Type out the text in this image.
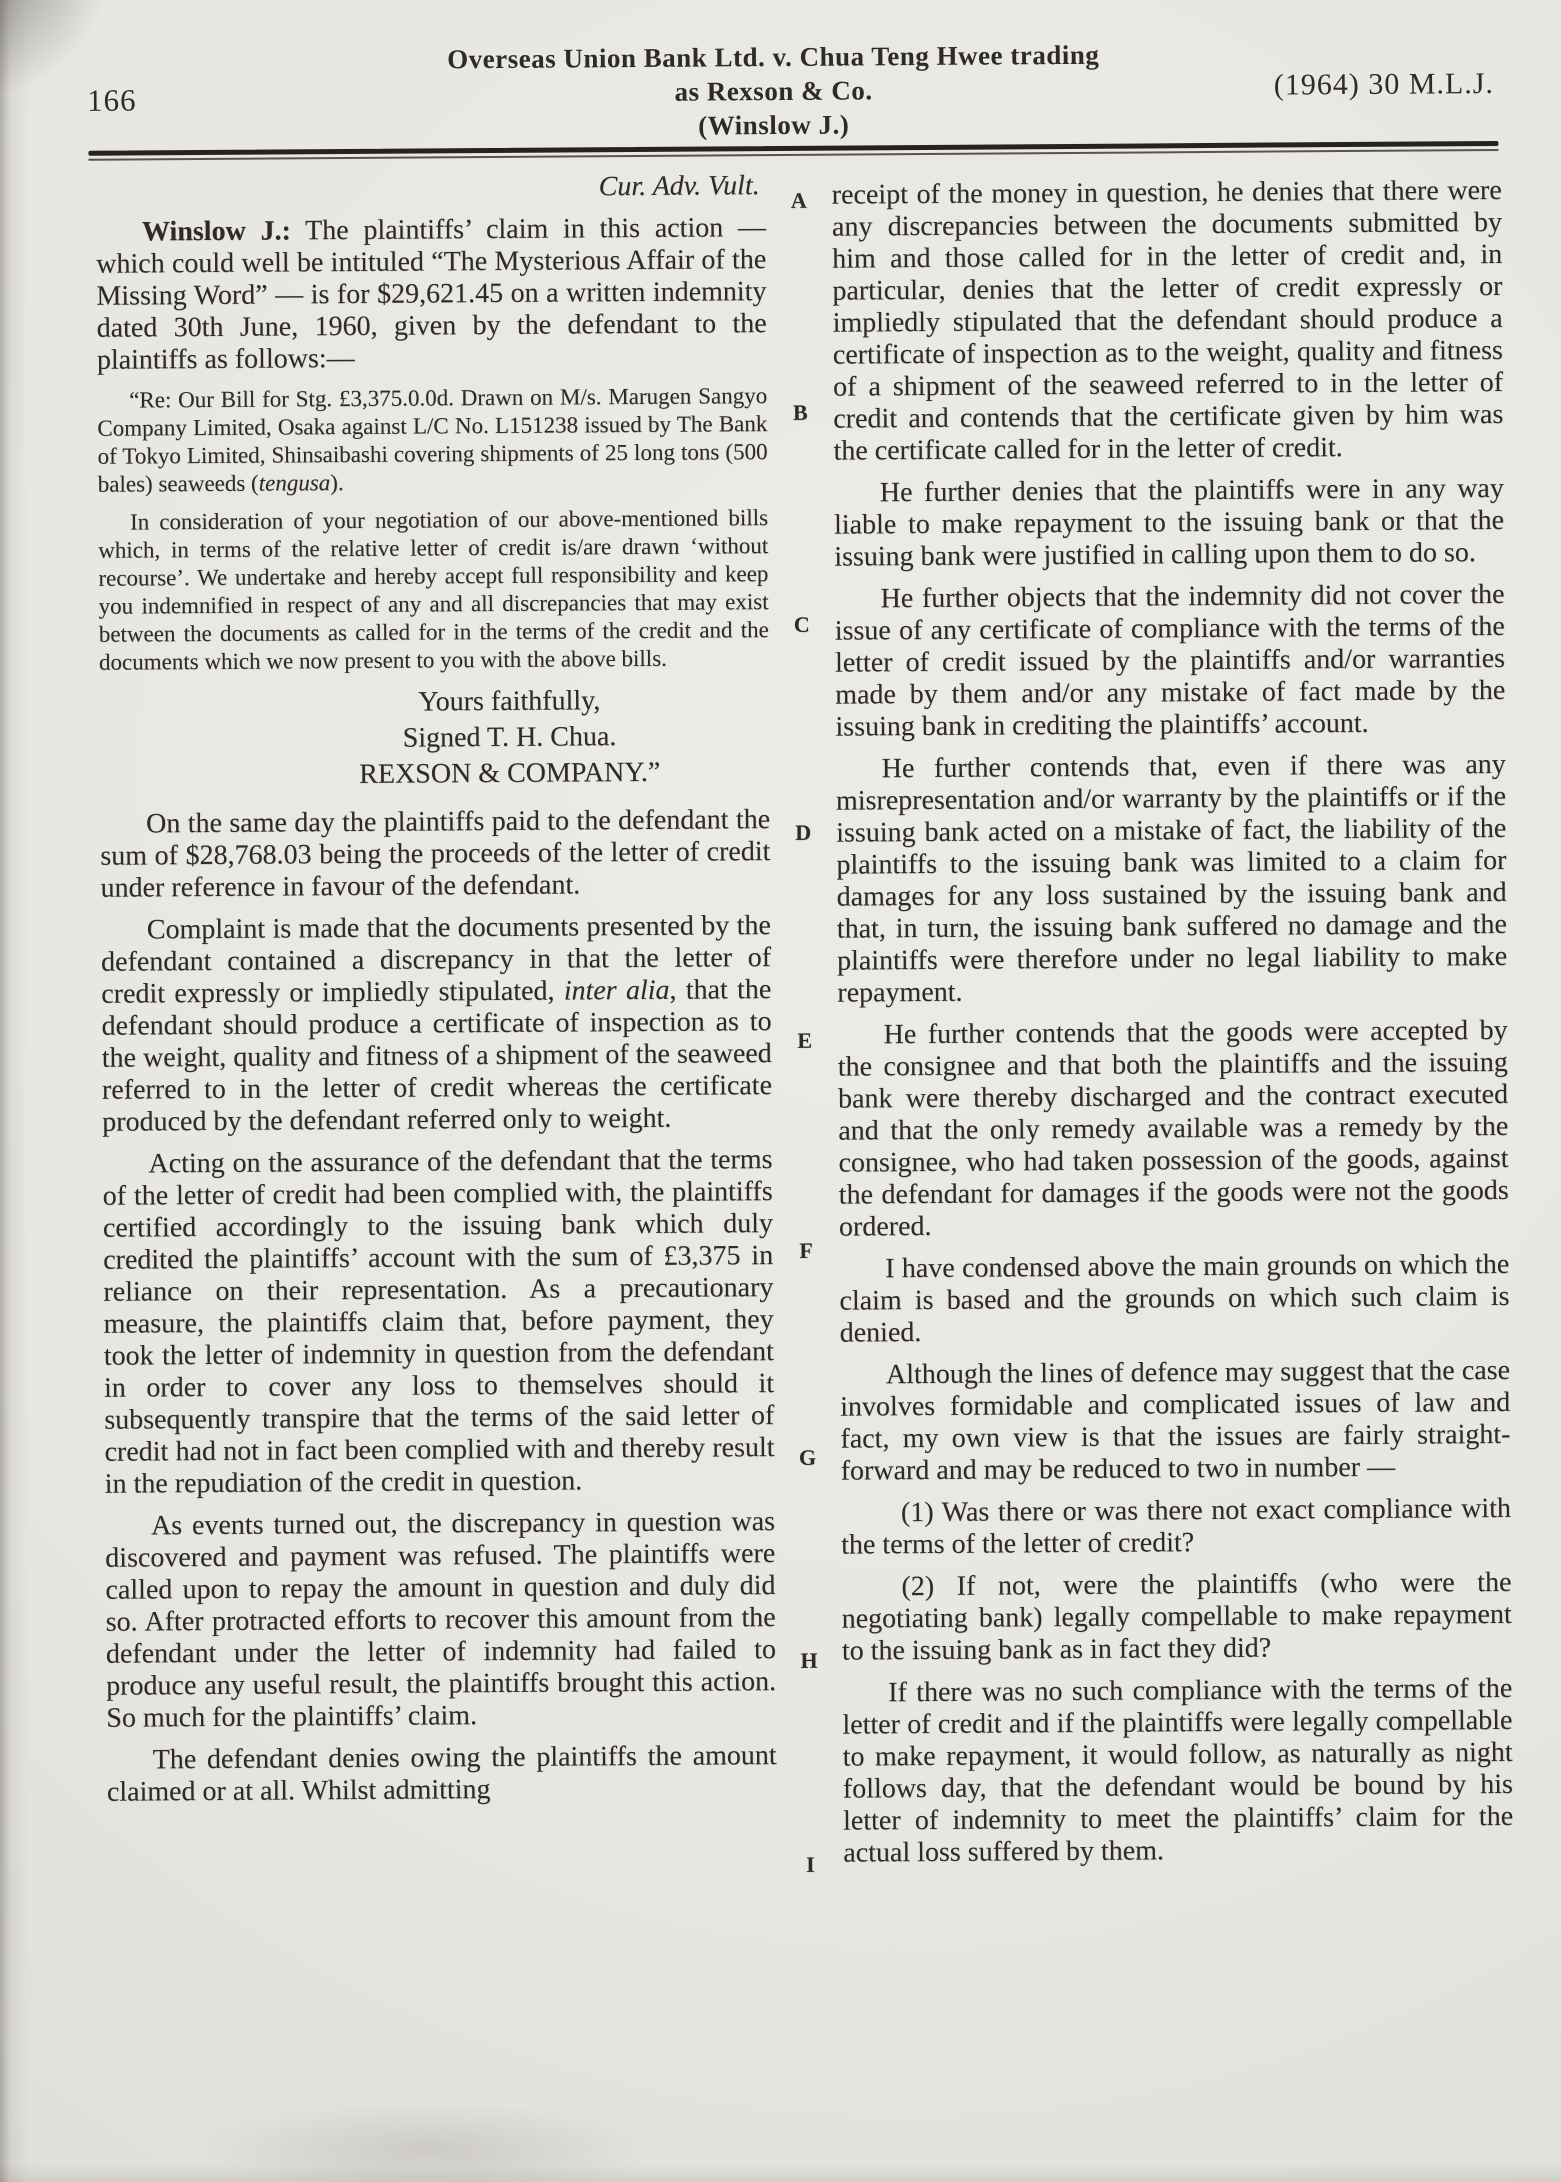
166
Overseas Union Bank Ltd. v. Chua Teng Hwee trading
as Rexson & Co.
(Winslow J.)
(1964) 30 M.L.J.

Cur. Adv. Vult.

Winslow J.: The plaintiffs’ claim in this action — which could well be intituled “The Mysterious Affair of the Missing Word” — is for $29,621.45 on a written indemnity dated 30th June, 1960, given by the defendant to the plaintiffs as follows:—

“Re: Our Bill for Stg. £3,375.0.0d. Drawn on M/s. Marugen Sangyo Company Limited, Osaka against L/C No. L151238 issued by The Bank of Tokyo Limited, Shinsaibashi covering shipments of 25 long tons (500 bales) seaweeds (tengusa).

In consideration of your negotiation of our above-mentioned bills which, in terms of the relative letter of credit is/are drawn ‘without recourse’. We undertake and hereby accept full responsibility and keep you indemnified in respect of any and all discrepancies that may exist between the documents as called for in the terms of the credit and the documents which we now present to you with the above bills.

Yours faithfully,
Signed T. H. Chua.
REXSON & COMPANY.”

On the same day the plaintiffs paid to the defendant the sum of $28,768.03 being the proceeds of the letter of credit under reference in favour of the defendant.

Complaint is made that the documents presented by the defendant contained a discrepancy in that the letter of credit expressly or impliedly stipulated, inter alia, that the defendant should produce a certificate of inspection as to the weight, quality and fitness of a shipment of the seaweed referred to in the letter of credit whereas the certificate produced by the defendant referred only to weight.

Acting on the assurance of the defendant that the terms of the letter of credit had been complied with, the plaintiffs certified accordingly to the issuing bank which duly credited the plaintiffs’ account with the sum of £3,375 in reliance on their representation. As a precautionary measure, the plaintiffs claim that, before payment, they took the letter of indemnity in question from the defendant in order to cover any loss to themselves should it subsequently transpire that the terms of the said letter of credit had not in fact been complied with and thereby result in the repudiation of the credit in question.

As events turned out, the discrepancy in question was discovered and payment was refused. The plaintiffs were called upon to repay the amount in question and duly did so. After protracted efforts to recover this amount from the defendant under the letter of indemnity had failed to produce any useful result, the plaintiffs brought this action. So much for the plaintiffs’ claim.

The defendant denies owing the plaintiffs the amount claimed or at all. Whilst admitting

A
B
C
D
E
F
G
H
I

receipt of the money in question, he denies that there were any discrepancies between the documents submitted by him and those called for in the letter of credit and, in particular, denies that the letter of credit expressly or impliedly stipulated that the defendant should produce a certificate of inspection as to the weight, quality and fitness of a shipment of the seaweed referred to in the letter of credit and contends that the certificate given by him was the certificate called for in the letter of credit.

He further denies that the plaintiffs were in any way liable to make repayment to the issuing bank or that the issuing bank were justified in calling upon them to do so.

He further objects that the indemnity did not cover the issue of any certificate of compliance with the terms of the letter of credit issued by the plaintiffs and/or warranties made by them and/or any mistake of fact made by the issuing bank in crediting the plaintiffs’ account.

He further contends that, even if there was any misrepresentation and/or warranty by the plaintiffs or if the issuing bank acted on a mistake of fact, the liability of the plaintiffs to the issuing bank was limited to a claim for damages for any loss sustained by the issuing bank and that, in turn, the issuing bank suffered no damage and the plaintiffs were therefore under no legal liability to make repayment.

He further contends that the goods were accepted by the consignee and that both the plaintiffs and the issuing bank were thereby discharged and the contract executed and that the only remedy available was a remedy by the consignee, who had taken possession of the goods, against the defendant for damages if the goods were not the goods ordered.

I have condensed above the main grounds on which the claim is based and the grounds on which such claim is denied.

Although the lines of defence may suggest that the case involves formidable and complicated issues of law and fact, my own view is that the issues are fairly straight-forward and may be reduced to two in number —

(1) Was there or was there not exact compliance with the terms of the letter of credit?

(2) If not, were the plaintiffs (who were the negotiating bank) legally compellable to make repayment to the issuing bank as in fact they did?

If there was no such compliance with the terms of the letter of credit and if the plaintiffs were legally compellable to make repayment, it would follow, as naturally as night follows day, that the defendant would be bound by his letter of indemnity to meet the plaintiffs’ claim for the actual loss suffered by them.
